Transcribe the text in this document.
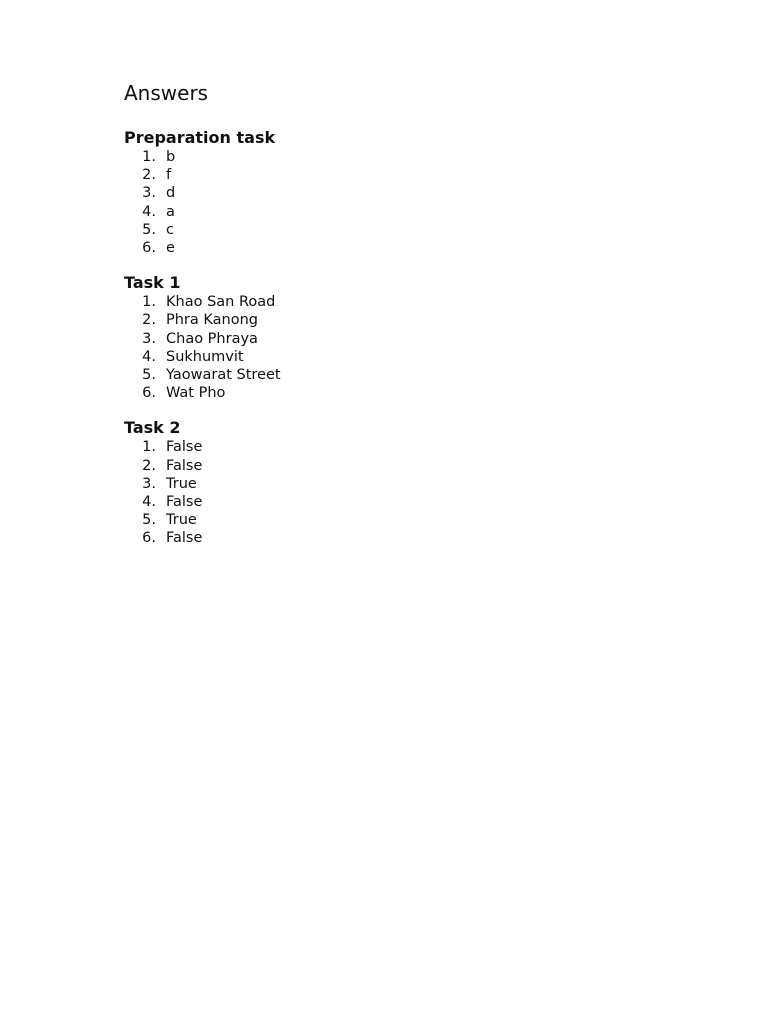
Answers
Preparation task
1. b
2. f
3. d
4. a
5. c
6. e
Task 1
1. Khao San Road
2. Phra Kanong
3. Chao Phraya
4. Sukhumvit
5. Yaowarat Street
6. Wat Pho
Task 2
1. False
2. False
3. True
4. False
5. True
6. False
